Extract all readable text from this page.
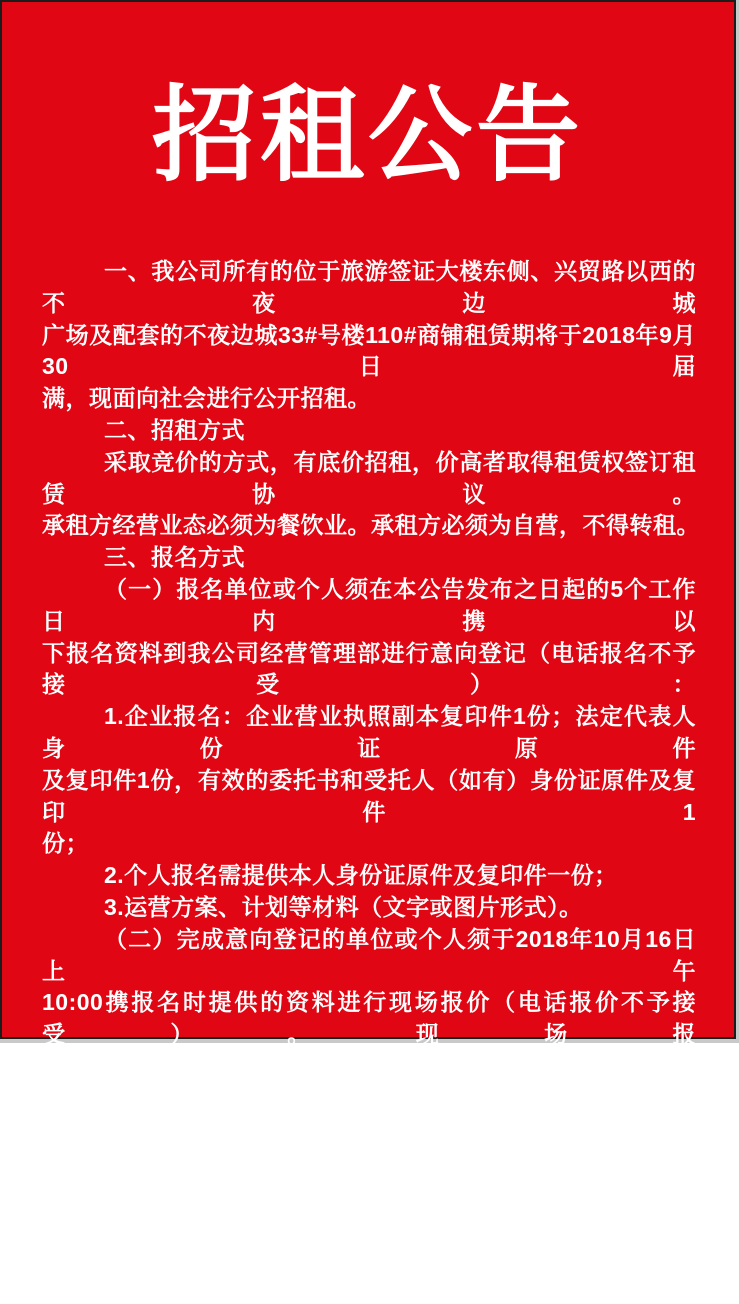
招租公告
一、我公司所有的位于旅游签证大楼东侧、兴贸路以西的不夜边城
广场及配套的不夜边城33#号楼110#商铺租赁期将于2018年9月30日届
满，现面向社会进行公开招租。
二、招租方式
采取竞价的方式，有底价招租，价高者取得租赁权签订租赁协议。
承租方经营业态必须为餐饮业。承租方必须为自营，不得转租。
三、报名方式
（一）报名单位或个人须在本公告发布之日起的5个工作日内携以
下报名资料到我公司经营管理部进行意向登记（电话报名不予接受）：
1.企业报名：企业营业执照副本复印件1份；法定代表人身份证原件
及复印件1份，有效的委托书和受托人（如有）身份证原件及复印件1
份；
2.个人报名需提供本人身份证原件及复印件一份；
3.运营方案、计划等材料（文字或图片形式）。
（二）完成意向登记的单位或个人须于2018年10月16日上午
10:00携报名时提供的资料进行现场报价（电话报价不予接受）。现场报
价地点位于广西北投建设投资有限公司第一会议室。
四、本公告由广西北投建设投资有限公司负责制定、修改，最终解
释权属于广西北投建设投资有限公司。
联系人：李先生　联系电话：0770-6291633
广西北投建设投资有限公司
2018年9月30日
